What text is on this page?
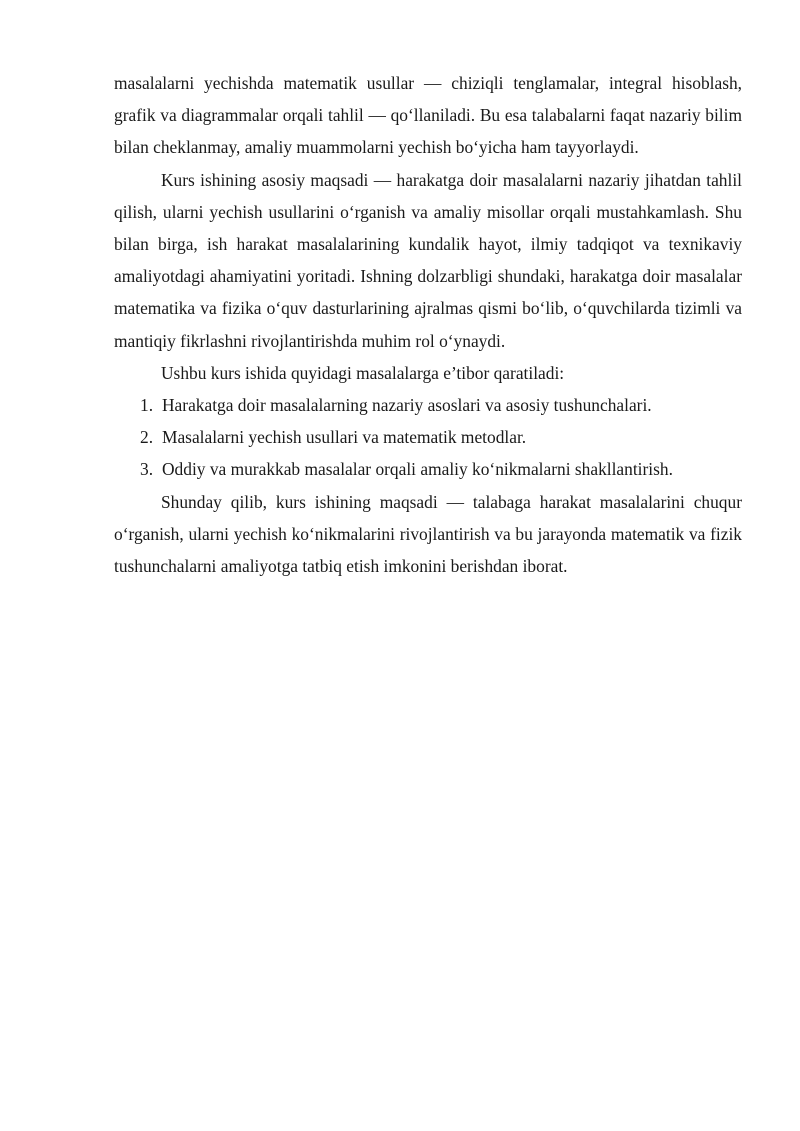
masalalarni yechishda matematik usullar — chiziqli tenglamalar, integral hisoblash, grafik va diagrammalar orqali tahlil — qo‘llaniladi. Bu esa talabalarni faqat nazariy bilim bilan cheklanmay, amaliy muammolarni yechish bo‘yicha ham tayyorlaydi.

Kurs ishining asosiy maqsadi — harakatga doir masalalarni nazariy jihatdan tahlil qilish, ularni yechish usullarini o‘rganish va amaliy misollar orqali mustahkamlash. Shu bilan birga, ish harakat masalalarining kundalik hayot, ilmiy tadqiqot va texnikaviy amaliyotdagi ahamiyatini yoritadi. Ishning dolzarbligi shundaki, harakatga doir masalalar matematika va fizika o‘quv dasturlarining ajralmas qismi bo‘lib, o‘quvchilarda tizimli va mantiqiy fikrlashni rivojlantirishda muhim rol o‘ynaydi.

Ushbu kurs ishida quyidagi masalalarga e’tibor qaratiladi:

1. Harakatga doir masalalarning nazariy asoslari va asosiy tushunchalari.
2. Masalalarni yechish usullari va matematik metodlar.
3. Oddiy va murakkab masalalar orqali amaliy ko‘nikmalarni shakllantirish.

Shunday qilib, kurs ishining maqsadi — talabaga harakat masalalarini chuqur o‘rganish, ularni yechish ko‘nikmalarini rivojlantirish va bu jarayonda matematik va fizik tushunchalarni amaliyotga tatbiq etish imkonini berishdan iborat.
